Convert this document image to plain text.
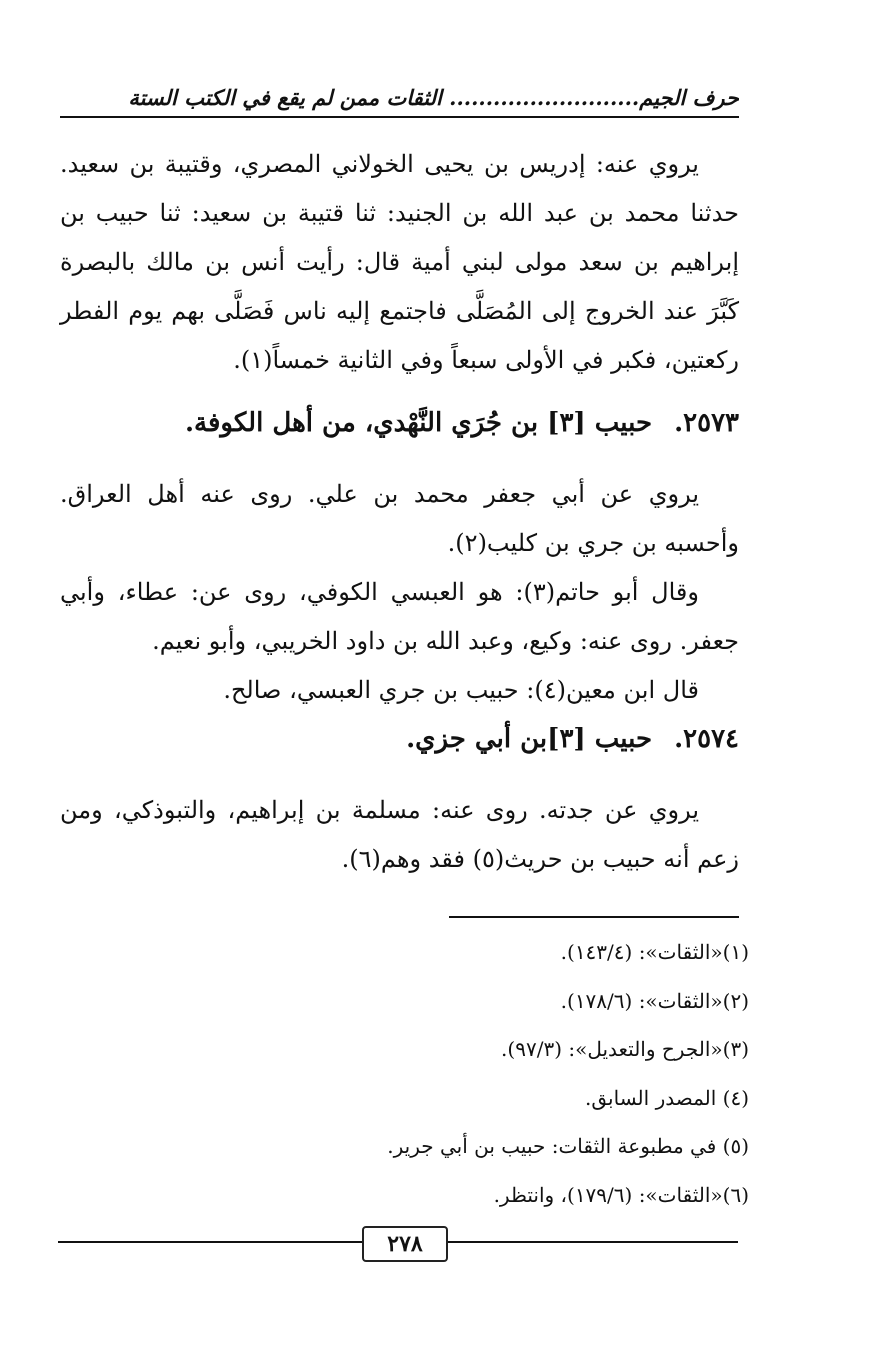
حرف الجيم.......................... الثقات ممن لم يقع في الكتب الستة

يروي عنه: إدريس بن يحيى الخولاني المصري، وقتيبة بن سعيد. حدثنا محمد بن عبد الله بن الجنيد: ثنا قتيبة بن سعيد: ثنا حبيب بن إبراهيم بن سعد مولى لبني أمية قال: رأيت أنس بن مالك بالبصرة كَبَّرَ عند الخروج إلى المُصَلَّى فاجتمع إليه ناس فَصَلَّى بهم يوم الفطر ركعتين، فكبر في الأولى سبعاً وفي الثانية خمساً(١).

٢٥٧٣.حبيب [٣] بن جُرَي النَّهْدي، من أهل الكوفة.

يروي عن أبي جعفر محمد بن علي. روى عنه أهل العراق. وأحسبه بن جري بن كليب(٢).

وقال أبو حاتم(٣): هو العبسي الكوفي، روى عن: عطاء، وأبي جعفر. روى عنه: وكيع، وعبد الله بن داود الخريبي، وأبو نعيم.

قال ابن معين(٤): حبيب بن جري العبسي، صالح.

٢٥٧٤.حبيب [٣]بن أبي جزي.

يروي عن جدته. روى عنه: مسلمة بن إبراهيم، والتبوذكي، ومن زعم أنه حبيب بن حريث(٥) فقد وهم(٦).

(١)«الثقات»: (١٤٣/٤).

(٢)«الثقات»: (١٧٨/٦).

(٣)«الجرح والتعديل»: (٩٧/٣).

(٤) المصدر السابق.

(٥) في مطبوعة الثقات: حبيب بن أبي جرير.

(٦)«الثقات»: (١٧٩/٦)، وانتظر.

٢٧٨
